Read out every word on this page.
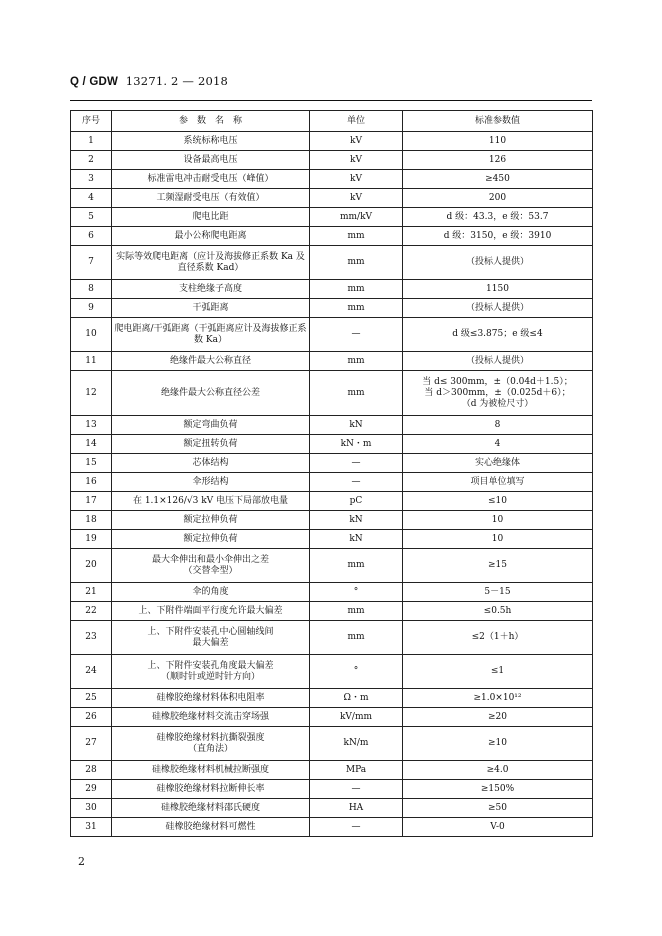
Q / GDW 13271. 2 — 2018
序号	参　数　名　称	单位	标准参数值
1	系统标称电压	kV	110
2	设备最高电压	kV	126
3	标准雷电冲击耐受电压（峰值）	kV	≥450
4	工频湿耐受电压（有效值）	kV	200
5	爬电比距	mm/kV	d 级：43.3，e 级：53.7
6	最小公称爬电距离	mm	d 级：3150，e 级：3910
7	实际等效爬电距离（应计及海拔修正系数 Ka 及直径系数 Kad）	mm	（投标人提供）
8	支柱绝缘子高度	mm	1150
9	干弧距离	mm	（投标人提供）
10	爬电距离/干弧距离（干弧距离应计及海拔修正系数 Ka）	—	d 级≤3.875；e 级≤4
11	绝缘件最大公称直径	mm	（投标人提供）
12	绝缘件最大公称直径公差	mm	当 d≤ 300mm，±（0.04d＋1.5）；
当 d＞300mm，±（0.025d＋6）；
（d 为被检尺寸）
13	额定弯曲负荷	kN	8
14	额定扭转负荷	kN・m	4
15	芯体结构	—	实心绝缘体
16	伞形结构	—	项目单位填写
17	在 1.1×126/√3 kV 电压下局部放电量	pC	≤10
18	额定拉伸负荷	kN	10
19	额定拉伸负荷	kN	10
20	最大伞伸出和最小伞伸出之差
（交替伞型）	mm	≥15
21	伞的角度	°	5－15
22	上、下附件端面平行度允许最大偏差	mm	≤0.5h
23	上、下附件安装孔中心圆轴线间
最大偏差	mm	≤2（1＋h）
24	上、下附件安装孔角度最大偏差
（顺时针或逆时针方向）	°	≤1
25	硅橡胶绝缘材料体积电阻率	Ω・m	≥1.0×10¹²
26	硅橡胶绝缘材料交流击穿场强	kV/mm	≥20
27	硅橡胶绝缘材料抗撕裂强度
（直角法）	kN/m	≥10
28	硅橡胶绝缘材料机械拉断强度	MPa	≥4.0
29	硅橡胶绝缘材料拉断伸长率	—	≥150%
30	硅橡胶绝缘材料邵氏硬度	HA	≥50
31	硅橡胶绝缘材料可燃性	—	V-0
2
